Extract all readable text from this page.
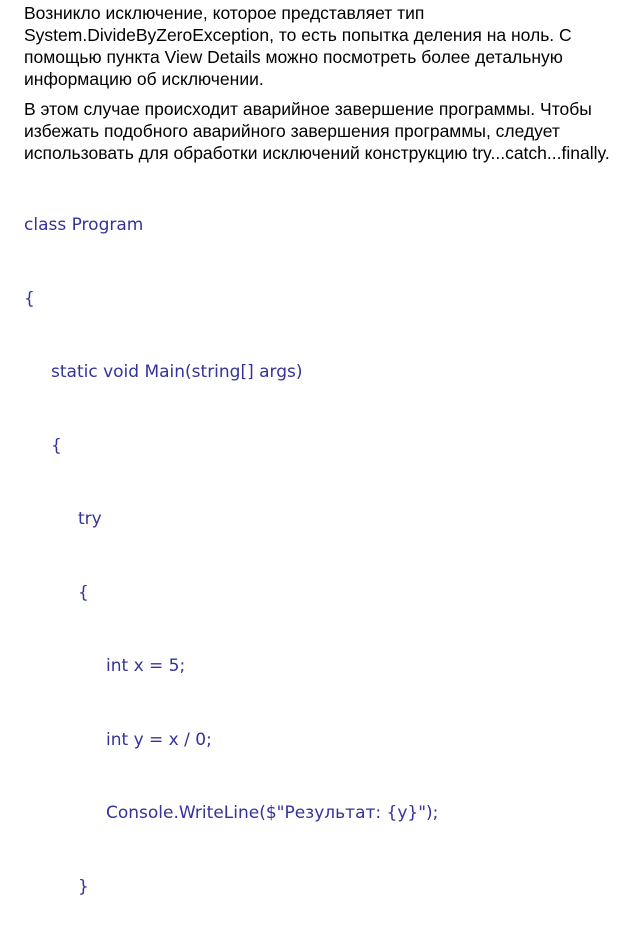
Возникло исключение, которое представляет тип System.DivideByZeroException, то есть попытка деления на ноль. С помощью пункта View Details можно посмотреть более детальную информацию об исключении.

В этом случае происходит аварийное завершение программы. Чтобы избежать подобного аварийного завершения программы, следует использовать для обработки исключений конструкцию try...catch...finally.

class Program

{

static void Main(string[] args)

{

try

{

int x = 5;

int y = x / 0;

Console.WriteLine($"Результат: {y}");

}
